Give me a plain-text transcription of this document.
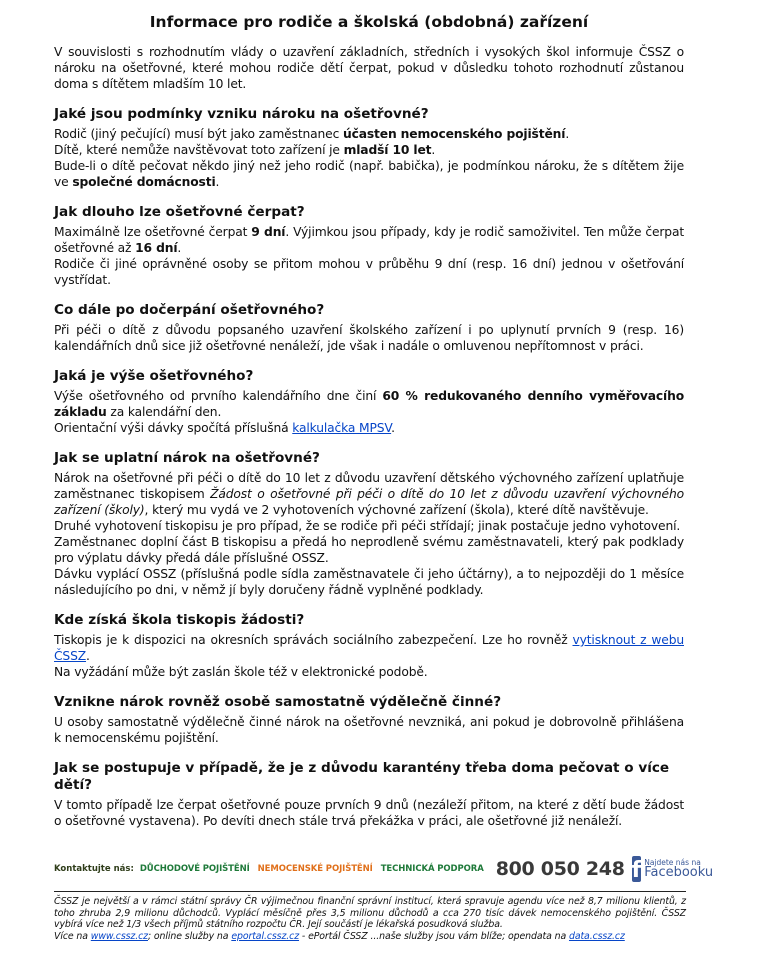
Informace pro rodiče a školská (obdobná) zařízení

V souvislosti s rozhodnutím vlády o uzavření základních, středních i vysokých škol informuje ČSSZ o nároku na ošetřovné, které mohou rodiče dětí čerpat, pokud v důsledku tohoto rozhodnutí zůstanou doma s dítětem mladším 10 let.

Jaké jsou podmínky vzniku nároku na ošetřovné?

Rodič (jiný pečující) musí být jako zaměstnanec účasten nemocenského pojištění.

Dítě, které nemůže navštěvovat toto zařízení je mladší 10 let.

Bude-li o dítě pečovat někdo jiný než jeho rodič (např. babička), je podmínkou nároku, že s dítětem žije ve společné domácnosti.

Jak dlouho lze ošetřovné čerpat?

Maximálně lze ošetřovné čerpat 9 dní. Výjimkou jsou případy, kdy je rodič samoživitel. Ten může čerpat ošetřovné až 16 dní.

Rodiče či jiné oprávněné osoby se přitom mohou v průběhu 9 dní (resp. 16 dní) jednou v ošetřování vystřídat.

Co dále po dočerpání ošetřovného?

Při péči o dítě z důvodu popsaného uzavření školského zařízení i po uplynutí prvních 9 (resp. 16) kalendářních dnů sice již ošetřovné nenáleží, jde však i nadále o omluvenou nepřítomnost v práci.

Jaká je výše ošetřovného?

Výše ošetřovného od prvního kalendářního dne činí 60 % redukovaného denního vyměřovacího základu za kalendářní den.

Orientační výši dávky spočítá příslušná kalkulačka MPSV.

Jak se uplatní nárok na ošetřovné?

Nárok na ošetřovné při péči o dítě do 10 let z důvodu uzavření dětského výchovného zařízení uplatňuje zaměstnanec tiskopisem Žádost o ošetřovné při péči o dítě do 10 let z důvodu uzavření výchovného zařízení (školy), který mu vydá ve 2 vyhotoveních výchovné zařízení (škola), které dítě navštěvuje.

Druhé vyhotovení tiskopisu je pro případ, že se rodiče při péči střídají; jinak postačuje jedno vyhotovení.

Zaměstnanec doplní část B tiskopisu a předá ho neprodleně svému zaměstnavateli, který pak podklady pro výplatu dávky předá dále příslušné OSSZ.

Dávku vyplácí OSSZ (příslušná podle sídla zaměstnavatele či jeho účtárny), a to nejpozději do 1 měsíce následujícího po dni, v němž jí byly doručeny řádně vyplněné podklady.

Kde získá škola tiskopis žádosti?

Tiskopis je k dispozici na okresních správách sociálního zabezpečení. Lze ho rovněž vytisknout z webu ČSSZ.

Na vyžádání může být zaslán škole též v elektronické podobě.

Vznikne nárok rovněž osobě samostatně výdělečně činné?

U osoby samostatně výdělečně činné nárok na ošetřovné nevzniká, ani pokud je dobrovolně přihlášena k nemocenskému pojištění.

Jak se postupuje v případě, že je z důvodu karantény třeba doma pečovat o více dětí?

V tomto případě lze čerpat ošetřovné pouze prvních 9 dnů (nezáleží přitom, na které z dětí bude žádost o ošetřovné vystavena). Po devíti dnech stále trvá překážka v práci, ale ošetřovné již nenáleží.

Kontaktujte nás: DŮCHODOVÉ POJIŠTĚNÍ NEMOCENSKÉ POJIŠTĚNÍ TECHNICKÁ PODPORA 800 050 248 f Najdete nás na
Facebooku

ČSSZ je největší a v rámci státní správy ČR výjimečnou finanční správní institucí, která spravuje agendu více než 8,7 milionu klientů, z toho zhruba 2,9 milionu důchodců. Vyplácí měsíčně přes 3,5 milionu důchodů a cca 270 tisíc dávek nemocenského pojištění. ČSSZ vybírá více než 1/3 všech příjmů státního rozpočtu ČR. Její součástí je lékařská posudková služba.

Více na www.cssz.cz; online služby na eportal.cssz.cz - ePortál ČSSZ ...naše služby jsou vám blíže; opendata na data.cssz.cz
